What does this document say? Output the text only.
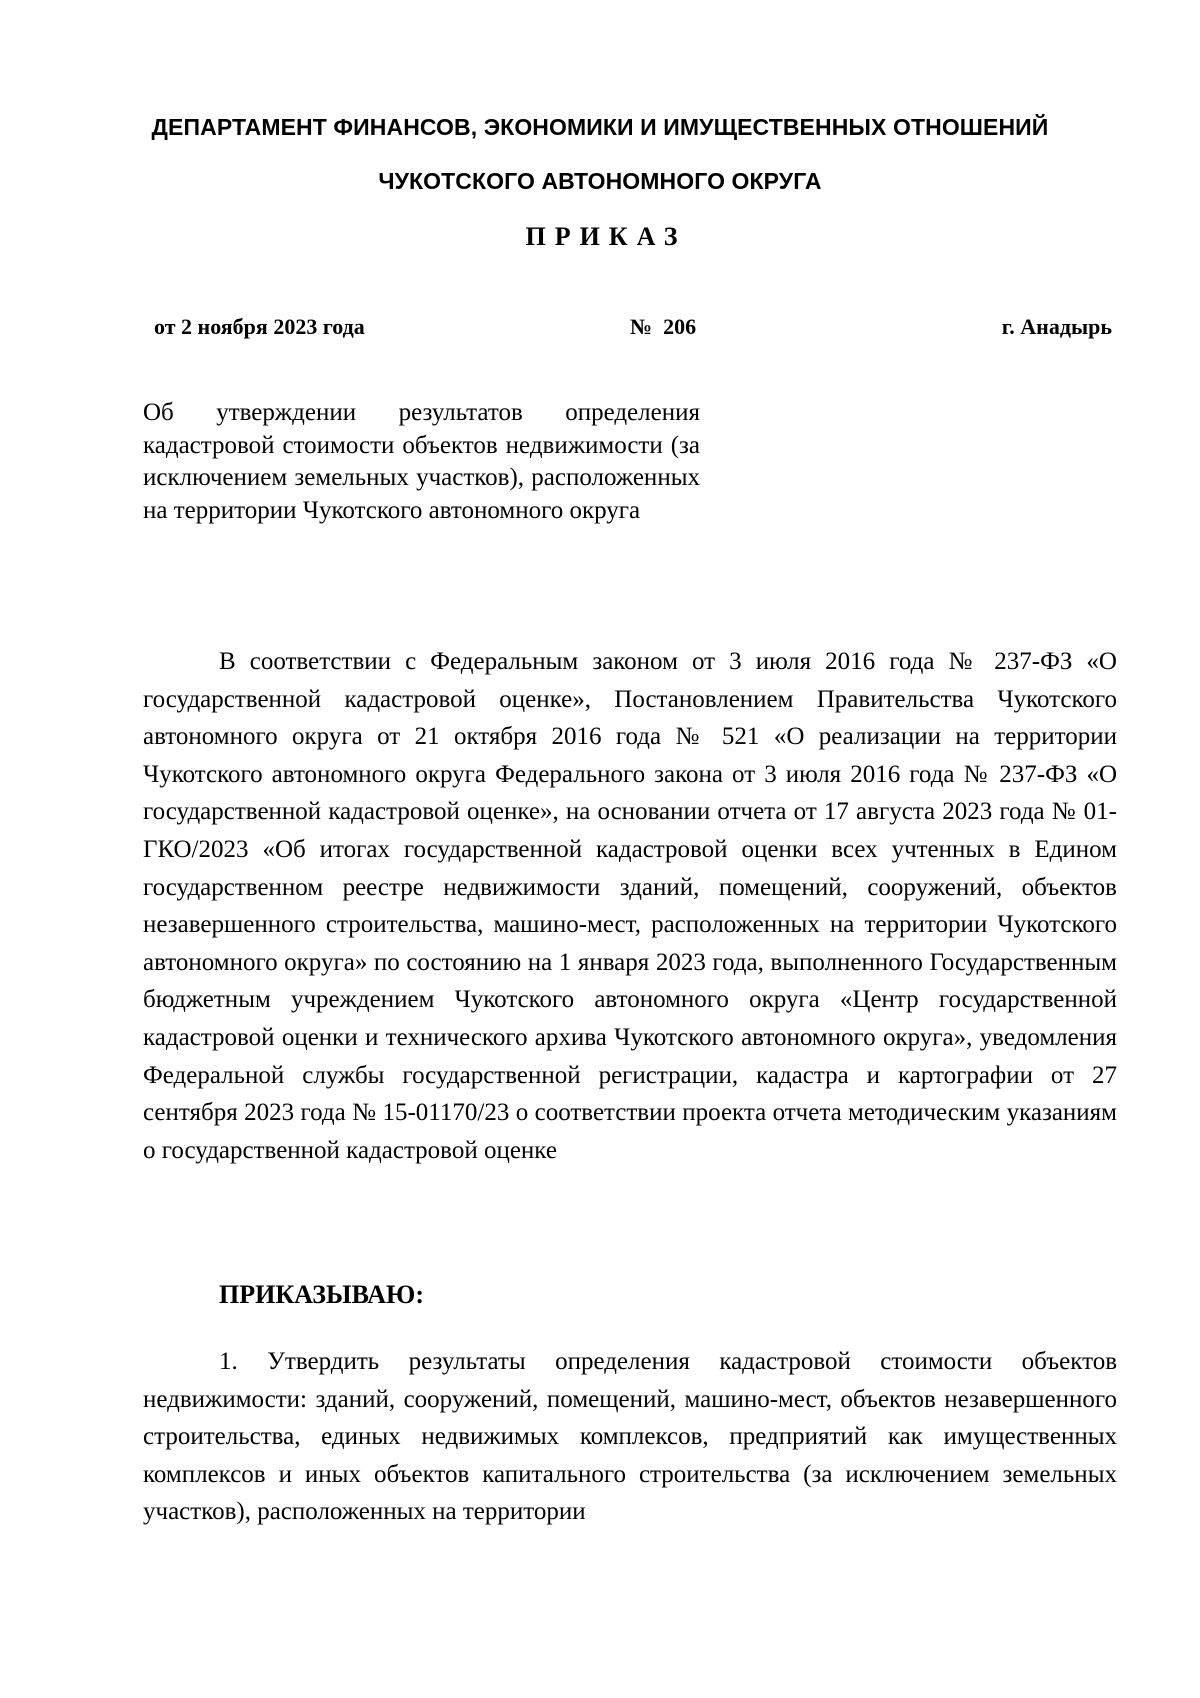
ДЕПАРТАМЕНТ ФИНАНСОВ, ЭКОНОМИКИ И ИМУЩЕСТВЕННЫХ ОТНОШЕНИЙ
ЧУКОТСКОГО АВТОНОМНОГО ОКРУГА
ПРИКАЗ
от 2 ноября 2023 года	№  206	г. Анадырь
Об утверждении результатов определения кадастровой стоимости объектов недвижимости (за исключением земельных участков), расположенных на территории Чукотского автономного округа
В соответствии с Федеральным законом от 3 июля 2016 года № 237-ФЗ «О государственной кадастровой оценке», Постановлением Правительства Чукотского автономного округа от 21 октября 2016 года № 521 «О реализации на территории Чукотского автономного округа Федерального закона от 3 июля 2016 года № 237-ФЗ «О государственной кадастровой оценке», на основании отчета от 17 августа 2023 года № 01-ГКО/2023 «Об итогах государственной кадастровой оценки всех учтенных в Едином государственном реестре недвижимости зданий, помещений, сооружений, объектов незавершенного строительства, машино-мест, расположенных на территории Чукотского автономного округа» по состоянию на 1 января 2023 года, выполненного Государственным бюджетным учреждением Чукотского автономного округа «Центр государственной кадастровой оценки и технического архива Чукотского автономного округа», уведомления Федеральной службы государственной регистрации, кадастра и картографии от 27 сентября 2023 года № 15-01170/23 о соответствии проекта отчета методическим указаниям о государственной кадастровой оценке
ПРИКАЗЫВАЮ:
1. Утвердить результаты определения кадастровой стоимости объектов недвижимости: зданий, сооружений, помещений, машино-мест, объектов незавершенного строительства, единых недвижимых комплексов, предприятий как имущественных комплексов и иных объектов капитального строительства (за исключением земельных участков), расположенных на территории
